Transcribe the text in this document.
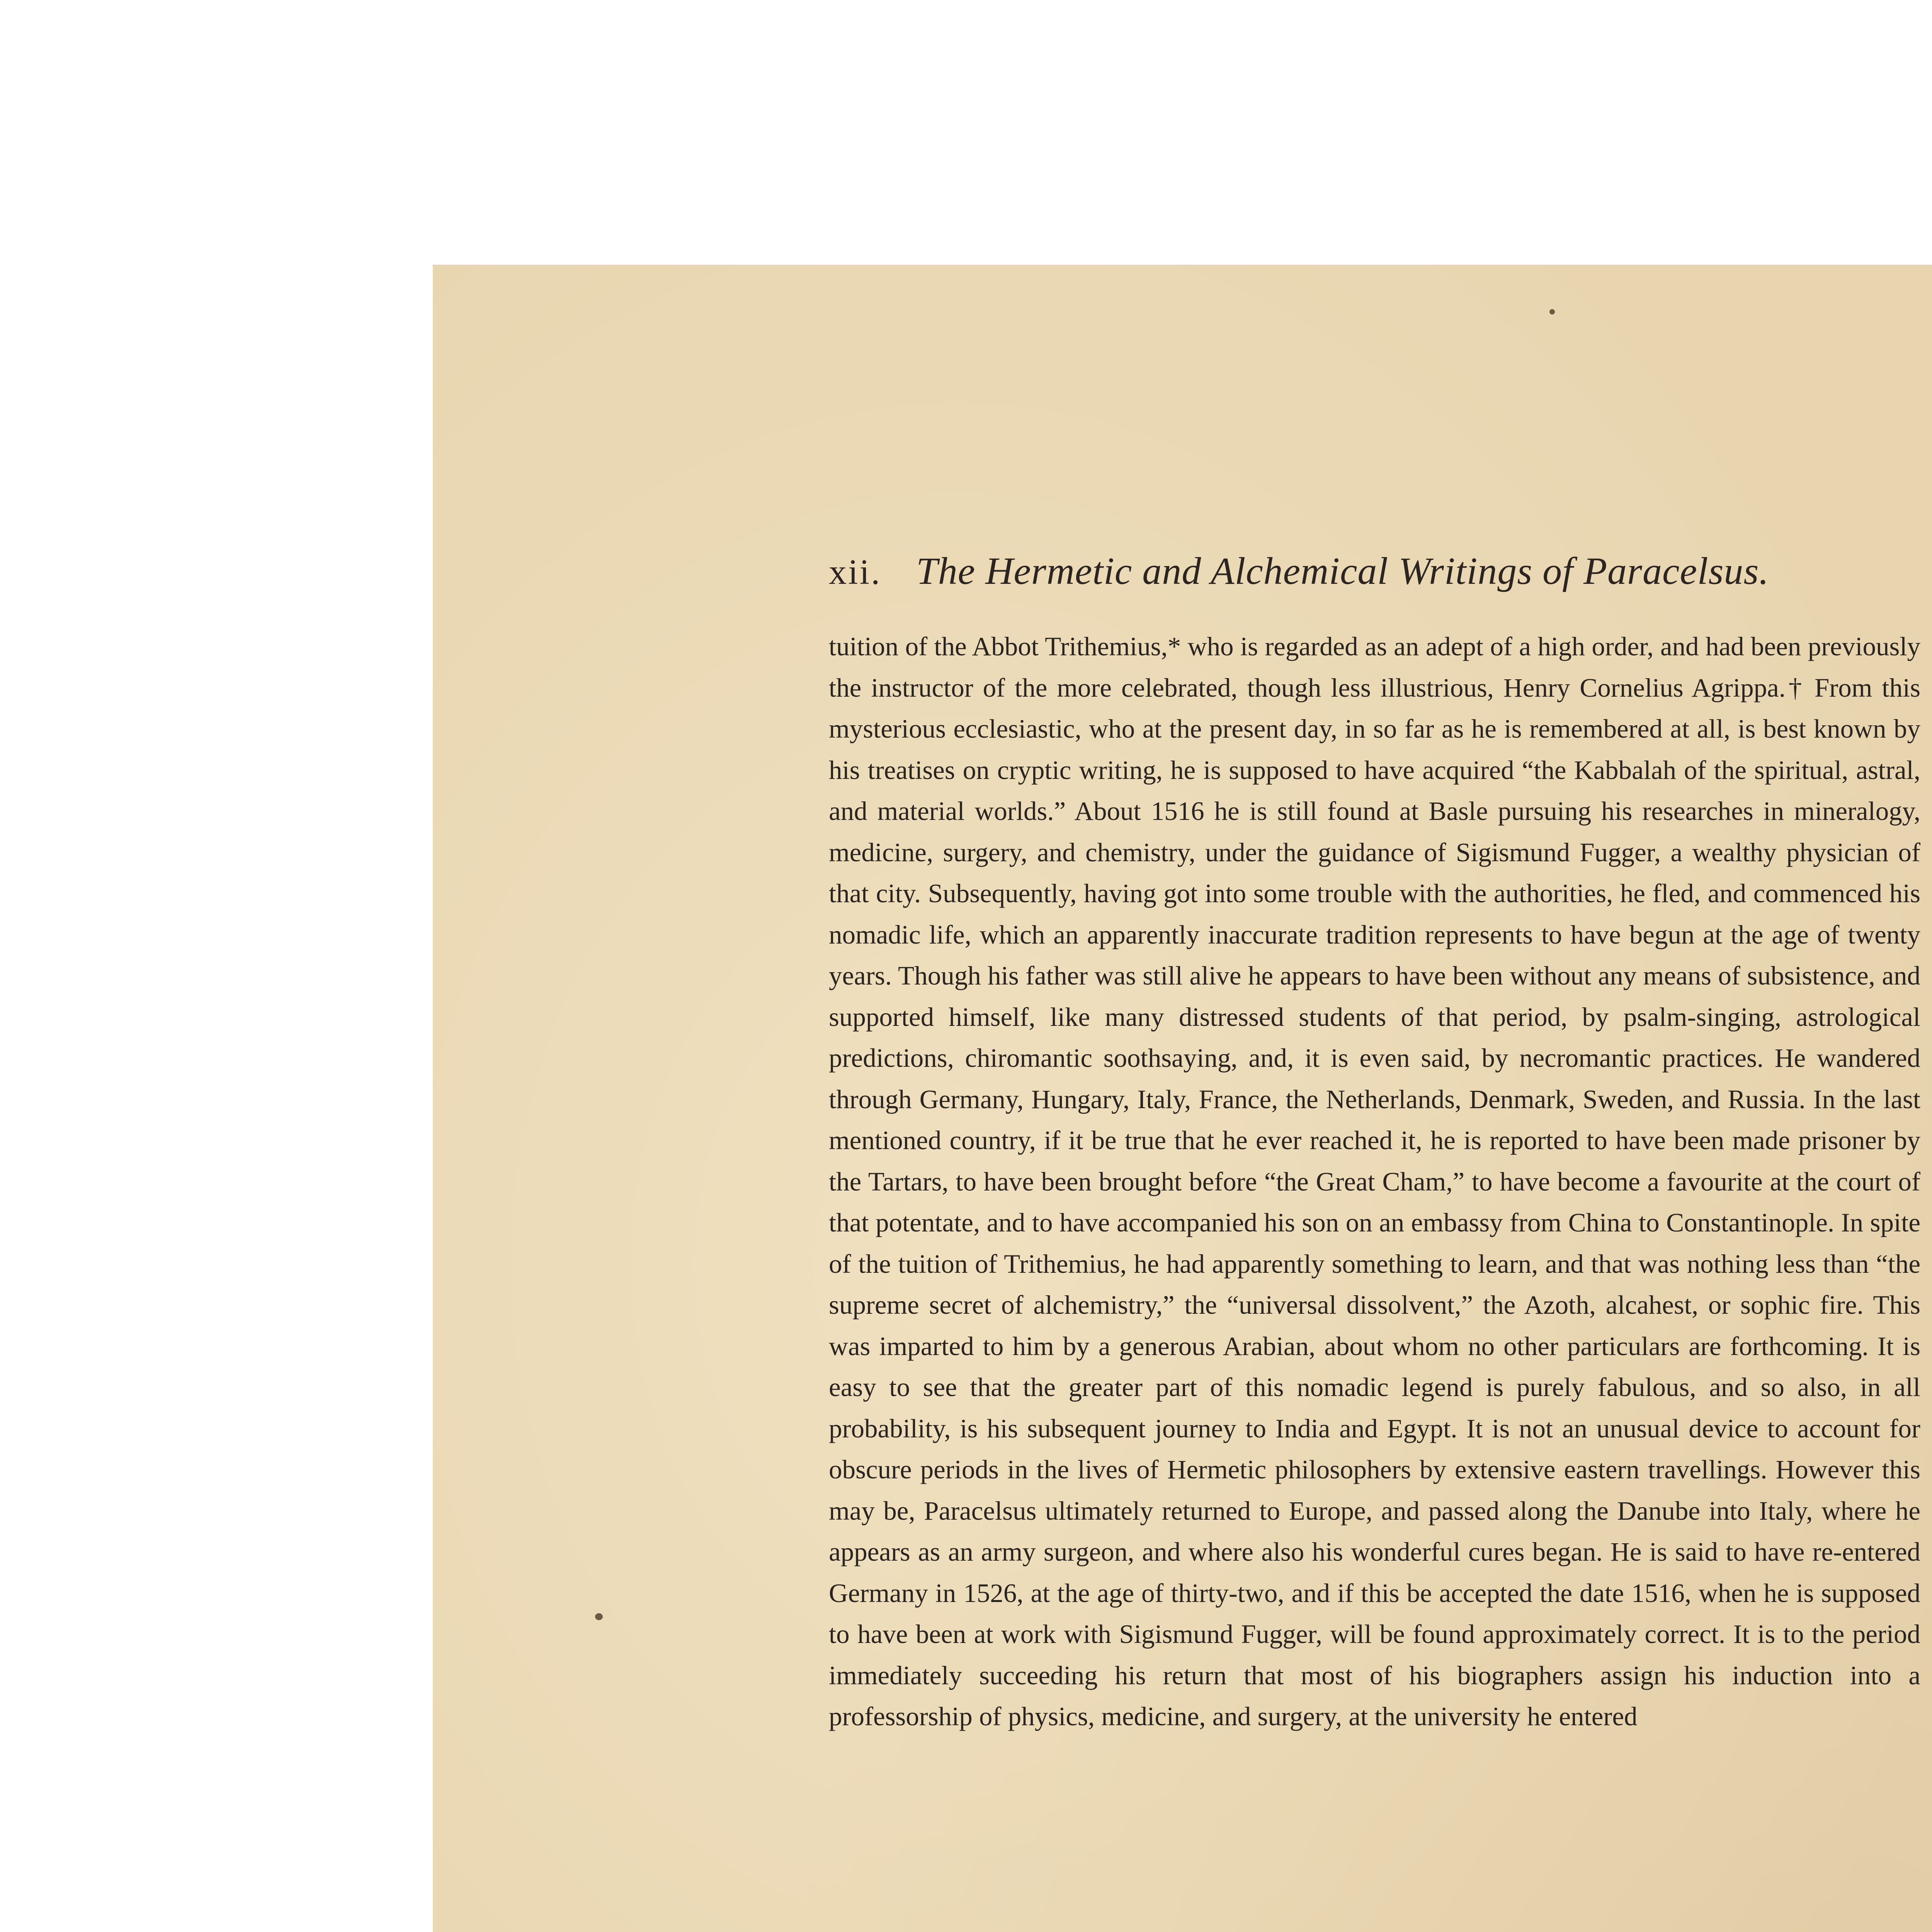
xii. The Hermetic and Alchemical Writings of Paracelsus.

tuition of the Abbot Trithemius,* who is regarded as an adept of a high order, and had been previously the instructor of the more celebrated, though less illustrious, Henry Cornelius Agrippa.† From this mysterious ecclesiastic, who at the present day, in so far as he is remembered at all, is best known by his treatises on cryptic writing, he is supposed to have acquired “the Kabbalah of the spiritual, astral, and material worlds.” About 1516 he is still found at Basle pursuing his researches in mineralogy, medicine, surgery, and chemistry, under the guidance of Sigismund Fugger, a wealthy physician of that city. Subsequently, having got into some trouble with the authorities, he fled, and commenced his nomadic life, which an apparently inaccurate tradition represents to have begun at the age of twenty years. Though his father was still alive he appears to have been without any means of subsistence, and supported himself, like many distressed students of that period, by psalm-singing, astrological predictions, chiromantic soothsaying, and, it is even said, by necromantic practices. He wandered through Germany, Hungary, Italy, France, the Netherlands, Denmark, Sweden, and Russia. In the last mentioned country, if it be true that he ever reached it, he is reported to have been made prisoner by the Tartars, to have been brought before “the Great Cham,” to have become a favourite at the court of that potentate, and to have accompanied his son on an embassy from China to Constantinople. In spite of the tuition of Trithemius, he had apparently something to learn, and that was nothing less than “the supreme secret of alchemistry,” the “universal dissolvent,” the Azoth, alcahest, or sophic fire. This was imparted to him by a generous Arabian, about whom no other particulars are forthcoming. It is easy to see that the greater part of this nomadic legend is purely fabulous, and so also, in all probability, is his subsequent journey to India and Egypt. It is not an unusual device to account for obscure periods in the lives of Hermetic philosophers by extensive eastern travellings. However this may be, Paracelsus ultimately returned to Europe, and passed along the Danube into Italy, where he appears as an army surgeon, and where also his wonderful cures began. He is said to have re-entered Germany in 1526, at the age of thirty-two, and if this be accepted the date 1516, when he is supposed to have been at work with Sigismund Fugger, will be found approximately correct. It is to the period immediately succeeding his return that most of his biographers assign his induction into a professorship of physics, medicine, and surgery, at the university he entered
